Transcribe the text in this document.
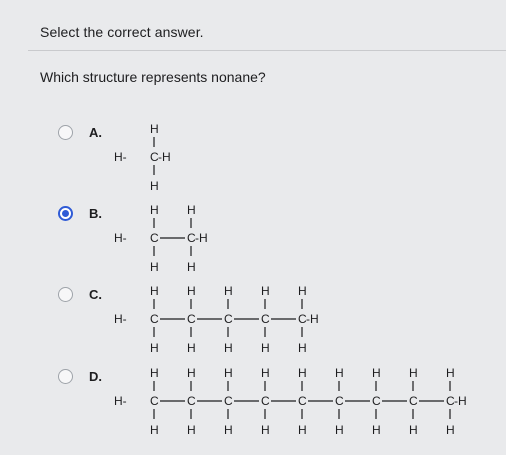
Select the correct answer.
Which structure represents nonane?
A.
H-
H
C
H
-H
B.
H-
H
C
H
H
C
H
-H
C.
H-
H
C
H
H
C
H
H
C
H
H
C
H
H
C
H
-H
D.
H-
H
C
H
H
C
H
H
C
H
H
C
H
H
C
H
H
C
H
H
C
H
H
C
H
H
C
H
-H
